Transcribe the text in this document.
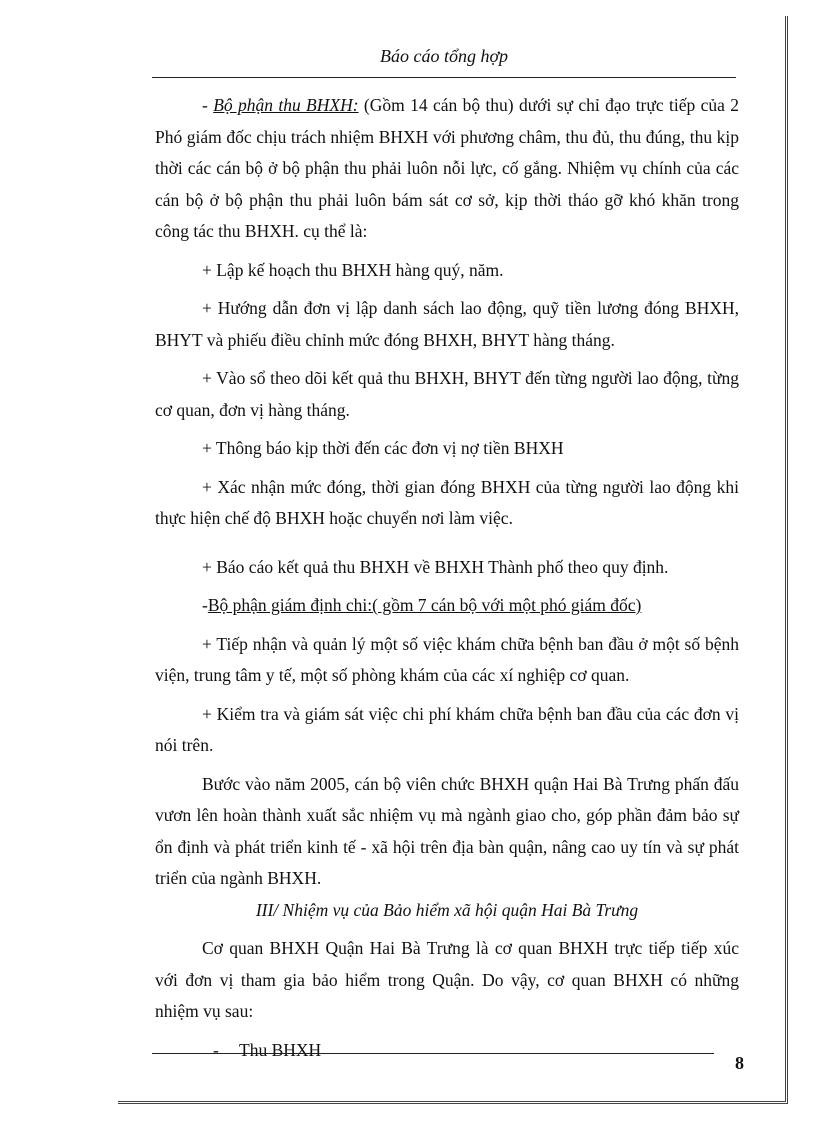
Báo cáo tổng hợp

- Bộ phận thu BHXH: (Gồm 14 cán bộ thu) dưới sự chỉ đạo trực tiếp của 2 Phó giám đốc chịu trách nhiệm BHXH với phương châm, thu đủ, thu đúng, thu kịp thời các cán bộ ở bộ phận thu phải luôn nỗi lực, cố gắng. Nhiệm vụ chính của các cán bộ ở bộ phận thu phải luôn bám sát cơ sở, kịp thời tháo gỡ khó khăn trong công tác thu BHXH. cụ thể là:

+ Lập kế hoạch thu BHXH hàng quý, năm.

+ Hướng dẫn đơn vị lập danh sách lao động, quỹ tiền lương đóng BHXH, BHYT và phiếu điều chỉnh mức đóng BHXH, BHYT hàng tháng.

+ Vào sổ theo dõi kết quả thu BHXH, BHYT đến từng người lao động, từng cơ quan, đơn vị hàng tháng.

+ Thông báo kịp thời đến các đơn vị nợ tiền BHXH

+ Xác nhận mức đóng, thời gian đóng BHXH của từng người lao động khi thực hiện chế độ BHXH hoặc chuyển nơi làm việc.

+ Báo cáo kết quả thu BHXH về BHXH Thành phố theo quy định.

-Bộ phận giám định chi:( gồm 7 cán bộ với một phó giám đốc)

+ Tiếp nhận và quản lý một số việc khám chữa bệnh ban đầu ở một số bệnh viện, trung tâm y tế, một số phòng khám của các xí nghiệp cơ quan.

+ Kiểm tra và giám sát việc chi phí khám chữa bệnh ban đầu của các đơn vị nói trên.

Bước vào năm 2005, cán bộ viên chức BHXH quận Hai Bà Trưng phấn đấu vươn lên hoàn thành xuất sắc nhiệm vụ mà ngành giao cho, góp phần đảm bảo sự ổn định và phát triển kinh tế - xã hội trên địa bàn quận, nâng cao uy tín và sự phát triển của ngành BHXH.

III/ Nhiệm vụ của Bảo hiểm xã hội quận Hai Bà Trưng

Cơ quan BHXH Quận Hai Bà Trưng là cơ quan BHXH trực tiếp tiếp xúc với đơn vị tham gia bảo hiểm trong Quận. Do vậy, cơ quan BHXH có những nhiệm vụ sau:

-	Thu BHXH
8
